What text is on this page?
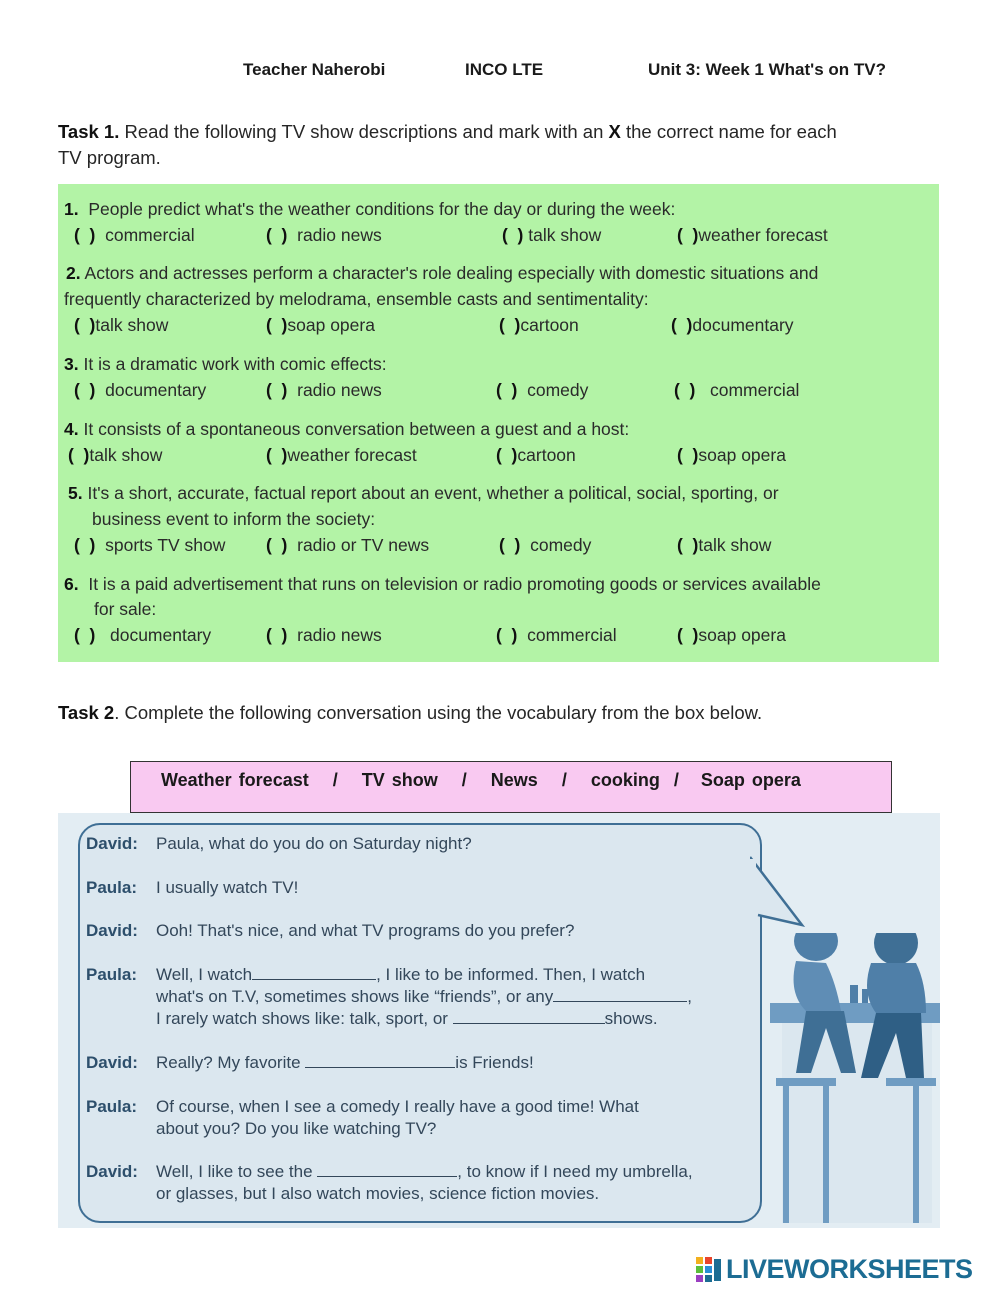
Teacher Naherobi	INCO LTE	Unit 3: Week 1 What's on TV?
Task 1. Read the following TV show descriptions and mark with an X the correct name for each
TV program.
1. People predict what's the weather conditions for the day or during the week:
(  ) commercial	(  ) radio news	(  ) talk show	(  )weather forecast
2. Actors and actresses perform a character's role dealing especially with domestic situations and
frequently characterized by melodrama, ensemble casts and sentimentality:
(  )talk show	(  )soap opera	(  )cartoon	(  )documentary
3. It is a dramatic work with comic effects:
(  ) documentary	(  ) radio news	(  ) comedy	(  ) commercial
4. It consists of a spontaneous conversation between a guest and a host:
(  )talk show	(  )weather forecast	(  )cartoon	(  )soap opera
5. It's a short, accurate, factual report about an event, whether a political, social, sporting, or
business event to inform the society:
(  ) sports TV show (  ) radio or TV news	(  ) comedy	(  )talk show
6. It is a paid advertisement that runs on television or radio promoting goods or services available
for sale:
(  ) documentary	(  ) radio news	(  ) commercial	(  )soap opera
Task 2. Complete the following conversation using the vocabulary from the box below.
Weather forecast / TV show / News / cooking / Soap opera
David: Paula, what do you do on Saturday night?
Paula: I usually watch TV!
David: Ooh! That's nice, and what TV programs do you prefer?
Paula: Well, I watch	, I like to be informed. Then, I watch
what's on T.V, sometimes shows like “friends”, or any	,
I rarely watch shows like: talk, sport, or	shows.
David: Really? My favorite	is Friends!
Paula: Of course, when I see a comedy I really have a good time! What
about you? Do you like watching TV?
David: Well, I like to see the	, to know if I need my umbrella,
or glasses, but I also watch movies, science fiction movies.
LIVEWORKSHEETS
